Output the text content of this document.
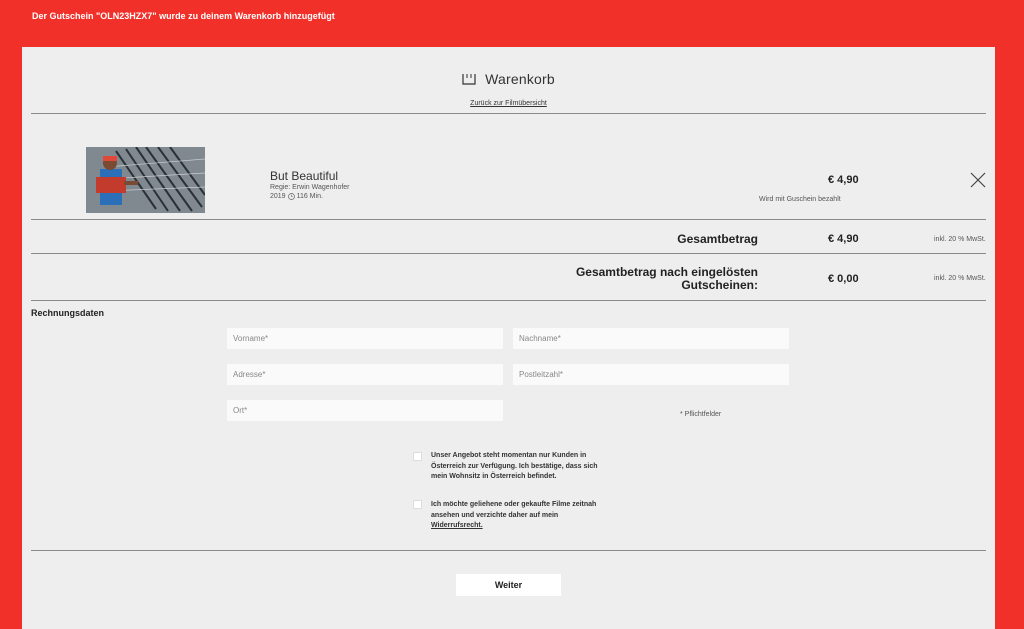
Der Gutschein "OLN23HZX7" wurde zu deinem Warenkorb hinzugefügt
Warenkorb
Zurück zur Filmübersicht
But Beautiful
Regie: Erwin Wagenhofer
2019 116 Min.
€ 4,90
Wird mit Guschein bezahlt
Gesamtbetrag	€ 4,90	inkl. 20 % MwSt.
Gesamtbetrag nach eingelösten Gutscheinen:	€ 0,00	inkl. 20 % MwSt.
Rechnungsdaten
Vorname*
Nachname*
Adresse*
Postleitzahl*
Ort*
* Pflichtfelder
Unser Angebot steht momentan nur Kunden in Österreich zur Verfügung. Ich bestätige, dass sich mein Wohnsitz in Österreich befindet.
Ich möchte geliehene oder gekaufte Filme zeitnah ansehen und verzichte daher auf mein Widerrufsrecht.
Weiter
